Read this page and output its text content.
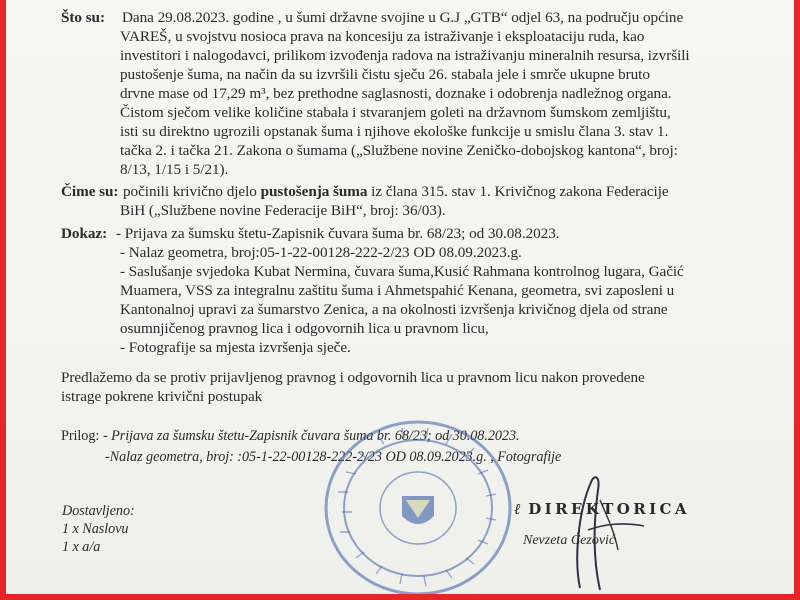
Što su: Dana 29.08.2023. godine , u šumi državne svojine u G.J „GTB“ odjel 63, na području općine
VAREŠ, u svojstvu nosioca prava na koncesiju za istraživanje i eksploataciju ruda, kao
investitori i nalogodavci, prilikom izvođenja radova na istraživanju mineralnih resursa, izvršili
pustošenje šuma, na način da su izvršili čistu sječu 26. stabala jele i smrče ukupne bruto
drvne mase od 17,29 m³, bez prethodne saglasnosti, doznake i odobrenja nadležnog organa.
Čistom sječom velike količine stabala i stvaranjem goleti na državnom šumskom zemljištu,
isti su direktno ugrozili opstanak šuma i njihove ekološke funkcije u smislu člana 3. stav 1.
tačka 2. i tačka 21. Zakona o šumama („Službene novine Zeničko-dobojskog kantona“, broj:
8/13, 1/15 i 5/21).
Čime su: počinili krivično djelo pustošenja šuma iz člana 315. stav 1. Krivičnog zakona Federacije
BiH („Službene novine Federacije BiH“, broj: 36/03).
Dokaz: - Prijava za šumsku štetu-Zapisnik čuvara šuma br. 68/23; od 30.08.2023.
- Nalaz geometra, broj:05-1-22-00128-222-2/23 OD 08.09.2023.g.
- Saslušanje svjedoka Kubat Nermina, čuvara šuma,Kusić Rahmana kontrolnog lugara, Gačić
Muamera, VSS za integralnu zaštitu šuma i Ahmetspahić Kenana, geometra, svi zaposleni u
Kantonalnoj upravi za šumarstvo Zenica, a na okolnosti izvršenja krivičnog djela od strane
osumnjičenog pravnog lica i odgovornih lica u pravnom licu,
- Fotografije sa mjesta izvršenja sječe.
Predlažemo da se protiv prijavljenog pravnog i odgovornih lica u pravnom licu nakon provedene
istrage pokrene krivični postupak
Prilog: - Prijava za šumsku štetu-Zapisnik čuvara šuma br. 68/23; od 30.08.2023.
-Nalaz geometra, broj: :05-1-22-00128-222-2/23 OD 08.09.2023.g. , Fotografije
Dostavljeno:
1 x Naslovu
1 x a/a
ℓ DIREKTORICA
Nevzeta Ćezović
